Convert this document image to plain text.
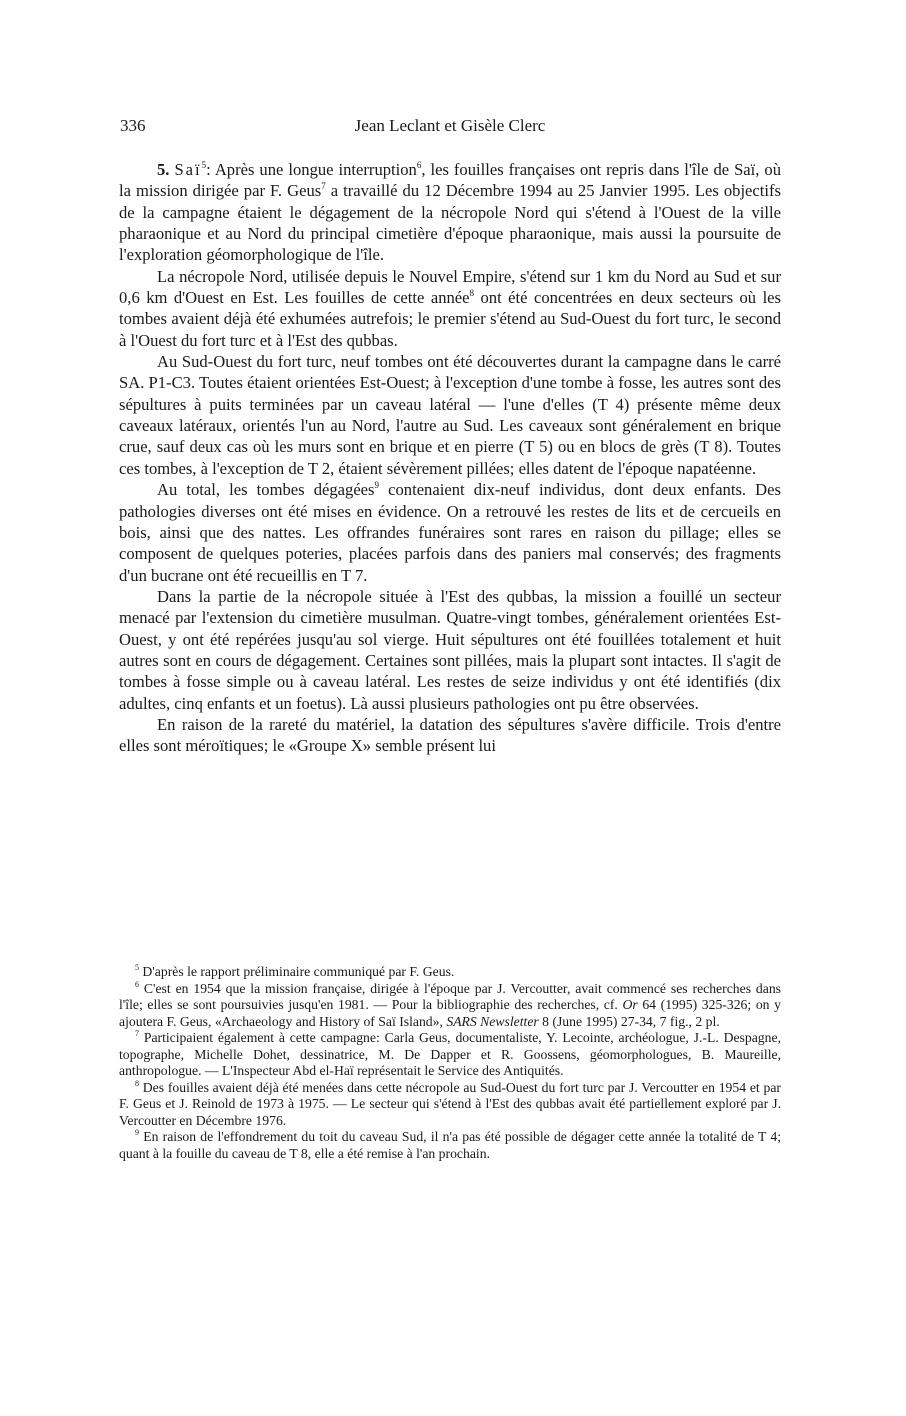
336	Jean Leclant et Gisèle Clerc

5. Saï$^5$: Après une longue interruption$^6$, les fouilles françaises ont repris dans l'île de Saï, où la mission dirigée par F. Geus$^7$ a travaillé du 12 Décembre 1994 au 25 Janvier 1995. Les objectifs de la campagne étaient le dégagement de la nécropole Nord qui s'étend à l'Ouest de la ville pharaonique et au Nord du principal cimetière d'époque pharaonique, mais aussi la poursuite de l'exploration géomorphologique de l'île.

La nécropole Nord, utilisée depuis le Nouvel Empire, s'étend sur 1 km du Nord au Sud et sur 0,6 km d'Ouest en Est. Les fouilles de cette année$^8$ ont été concentrées en deux secteurs où les tombes avaient déjà été exhumées autrefois; le premier s'étend au Sud-Ouest du fort turc, le second à l'Ouest du fort turc et à l'Est des qubbas.

Au Sud-Ouest du fort turc, neuf tombes ont été découvertes durant la campagne dans le carré SA. P1-C3. Toutes étaient orientées Est-Ouest; à l'exception d'une tombe à fosse, les autres sont des sépultures à puits terminées par un caveau latéral — l'une d'elles (T 4) présente même deux caveaux latéraux, orientés l'un au Nord, l'autre au Sud. Les caveaux sont généralement en brique crue, sauf deux cas où les murs sont en brique et en pierre (T 5) ou en blocs de grès (T 8). Toutes ces tombes, à l'exception de T 2, étaient sévèrement pillées; elles datent de l'époque napatéenne.

Au total, les tombes dégagées$^9$ contenaient dix-neuf individus, dont deux enfants. Des pathologies diverses ont été mises en évidence. On a retrouvé les restes de lits et de cercueils en bois, ainsi que des nattes. Les offrandes funéraires sont rares en raison du pillage; elles se composent de quelques poteries, placées parfois dans des paniers mal conservés; des fragments d'un bucrane ont été recueillis en T 7.

Dans la partie de la nécropole située à l'Est des qubbas, la mission a fouillé un secteur menacé par l'extension du cimetière musulman. Quatre-vingt tombes, généralement orientées Est-Ouest, y ont été repérées jusqu'au sol vierge. Huit sépultures ont été fouillées totalement et huit autres sont en cours de dégagement. Certaines sont pillées, mais la plupart sont intactes. Il s'agit de tombes à fosse simple ou à caveau latéral. Les restes de seize individus y ont été identifiés (dix adultes, cinq enfants et un foetus). Là aussi plusieurs pathologies ont pu être observées.

En raison de la rareté du matériel, la datation des sépultures s'avère difficile. Trois d'entre elles sont méroïtiques; le «Groupe X» semble présent lui

$^5$ D'après le rapport préliminaire communiqué par F. Geus.

$^6$ C'est en 1954 que la mission française, dirigée à l'époque par J. Vercoutter, avait commencé ses recherches dans l'île; elles se sont poursuivies jusqu'en 1981. — Pour la bibliographie des recherches, cf. Or 64 (1995) 325-326; on y ajoutera F. Geus, «Archaeology and History of Saï Island», SARS Newsletter 8 (June 1995) 27-34, 7 fig., 2 pl.

$^7$ Participaient également à cette campagne: Carla Geus, documentaliste, Y. Lecointe, archéologue, J.-L. Despagne, topographe, Michelle Dohet, dessinatrice, M. De Dapper et R. Goossens, géomorphologues, B. Maureille, anthropologue. — L'Inspecteur Abd el-Haï représentait le Service des Antiquités.

$^8$ Des fouilles avaient déjà été menées dans cette nécropole au Sud-Ouest du fort turc par J. Vercoutter en 1954 et par F. Geus et J. Reinold de 1973 à 1975. — Le secteur qui s'étend à l'Est des qubbas avait été partiellement exploré par J. Vercoutter en Décembre 1976.

$^9$ En raison de l'effondrement du toit du caveau Sud, il n'a pas été possible de dégager cette année la totalité de T 4; quant à la fouille du caveau de T 8, elle a été remise à l'an prochain.
